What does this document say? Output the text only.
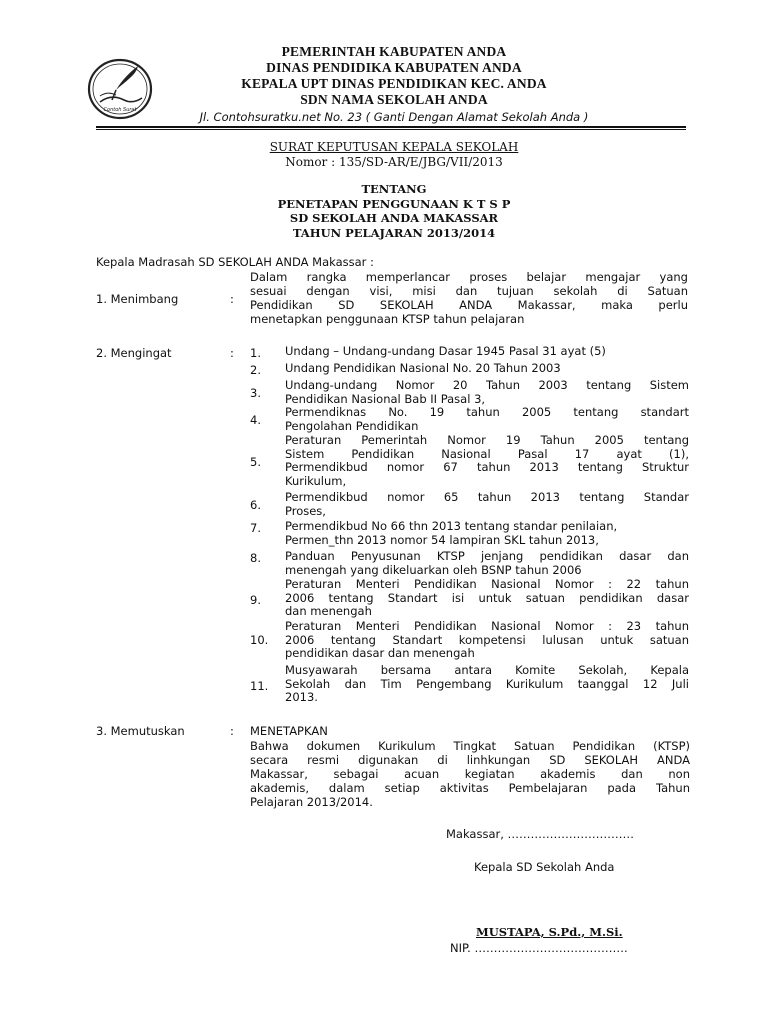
Contoh Surat
PEMERINTAH KABUPATEN ANDA
DINAS PENDIDIKA KABUPATEN ANDA
KEPALA UPT DINAS PENDIDIKAN KEC. ANDA
SDN NAMA SEKOLAH ANDA
Jl. Contohsuratku.net No. 23 ( Ganti Dengan Alamat Sekolah Anda )
SURAT KEPUTUSAN KEPALA SEKOLAH
Nomor : 135/SD-AR/E/JBG/VII/2013
TENTANG
PENETAPAN PENGGUNAAN K T S P
SD SEKOLAH ANDA MAKASSAR
TAHUN PELAJARAN 2013/2014
Kepala Madrasah SD SEKOLAH ANDA Makassar :
1. Menimbang	:
Dalam rangka memperlancar proses belajar mengajar yang
sesuai dengan visi, misi dan tujuan sekolah di Satuan
Pendidikan SD SEKOLAH ANDA Makassar, maka perlu
menetapkan penggunaan KTSP tahun pelajaran
2. Mengingat	: 1.	Undang – Undang-undang Dasar 1945 Pasal 31 ayat (5)
2.	Undang Pendidikan Nasional No. 20 Tahun 2003
3.
Undang-undang Nomor 20 Tahun 2003 tentang Sistem
Pendidikan Nasional Bab II Pasal 3,
4.
Permendiknas No. 19 tahun 2005 tentang standart
Pengolahan Pendidikan
5.
Peraturan Pemerintah Nomor 19 Tahun 2005 tentang
Sistem Pendidikan Nasional Pasal 17 ayat (1),
Permendikbud nomor 67 tahun 2013 tentang Struktur
Kurikulum,
6.
Permendikbud nomor 65 tahun 2013 tentang Standar
Proses,
7.	Permendikbud No 66 thn 2013 tentang standar penilaian,
Permen_thn 2013 nomor 54 lampiran SKL tahun 2013,
8.	Panduan Penyusunan KTSP jenjang pendidikan dasar dan
menengah yang dikeluarkan oleh BSNP tahun 2006
9.
Peraturan Menteri Pendidikan Nasional Nomor : 22 tahun
2006 tentang Standart isi untuk satuan pendidikan dasar
dan menengah
10.
Peraturan Menteri Pendidikan Nasional Nomor : 23 tahun
2006 tentang Standart kompetensi lulusan untuk satuan
pendidikan dasar dan menengah
11.
Musyawarah bersama antara Komite Sekolah, Kepala
Sekolah dan Tim Pengembang Kurikulum taanggal 12 Juli
2013.
3. Memutuskan	: MENETAPKAN
Bahwa dokumen Kurikulum Tingkat Satuan Pendidikan (KTSP)
secara resmi digunakan di linhkungan SD SEKOLAH ANDA
Makassar, sebagai acuan kegiatan akademis dan non
akademis, dalam setiap aktivitas Pembelajaran pada Tahun
Pelajaran 2013/2014.
Makassar, ……………………………
Kepala SD Sekolah Anda
MUSTAPA, S.Pd., M.Si.
NIP. ………………………………….
